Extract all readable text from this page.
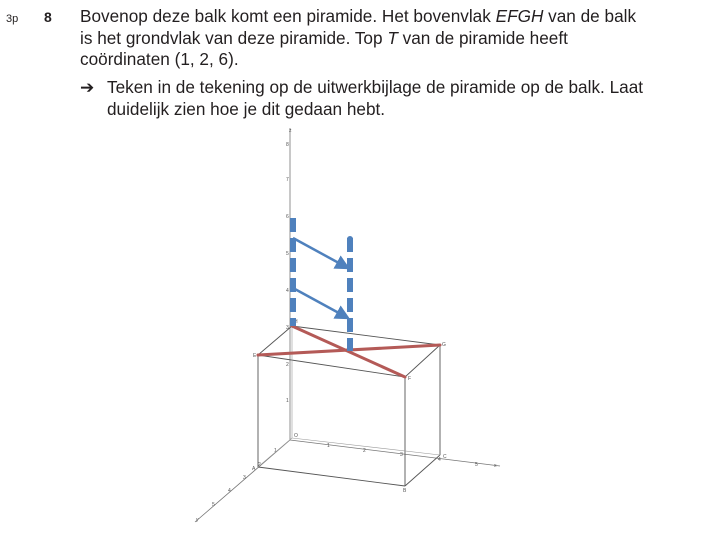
3p 8 Bovenop deze balk komt een piramide. Het bovenvlak EFGH van de balk
is het grondvlak van deze piramide. Top T van de piramide heeft
coördinaten (1, 2, 6).
➔ Teken in de tekening op de uitwerkbijlage de piramide op de balk. Laat
duidelijk zien hoe je dit gedaan hebt.
1
2
3
4
5
6
7
8
z
1
2
3
4
5	x
1
2
3
4
5
y
O
E
F
G
H
A
B
C
